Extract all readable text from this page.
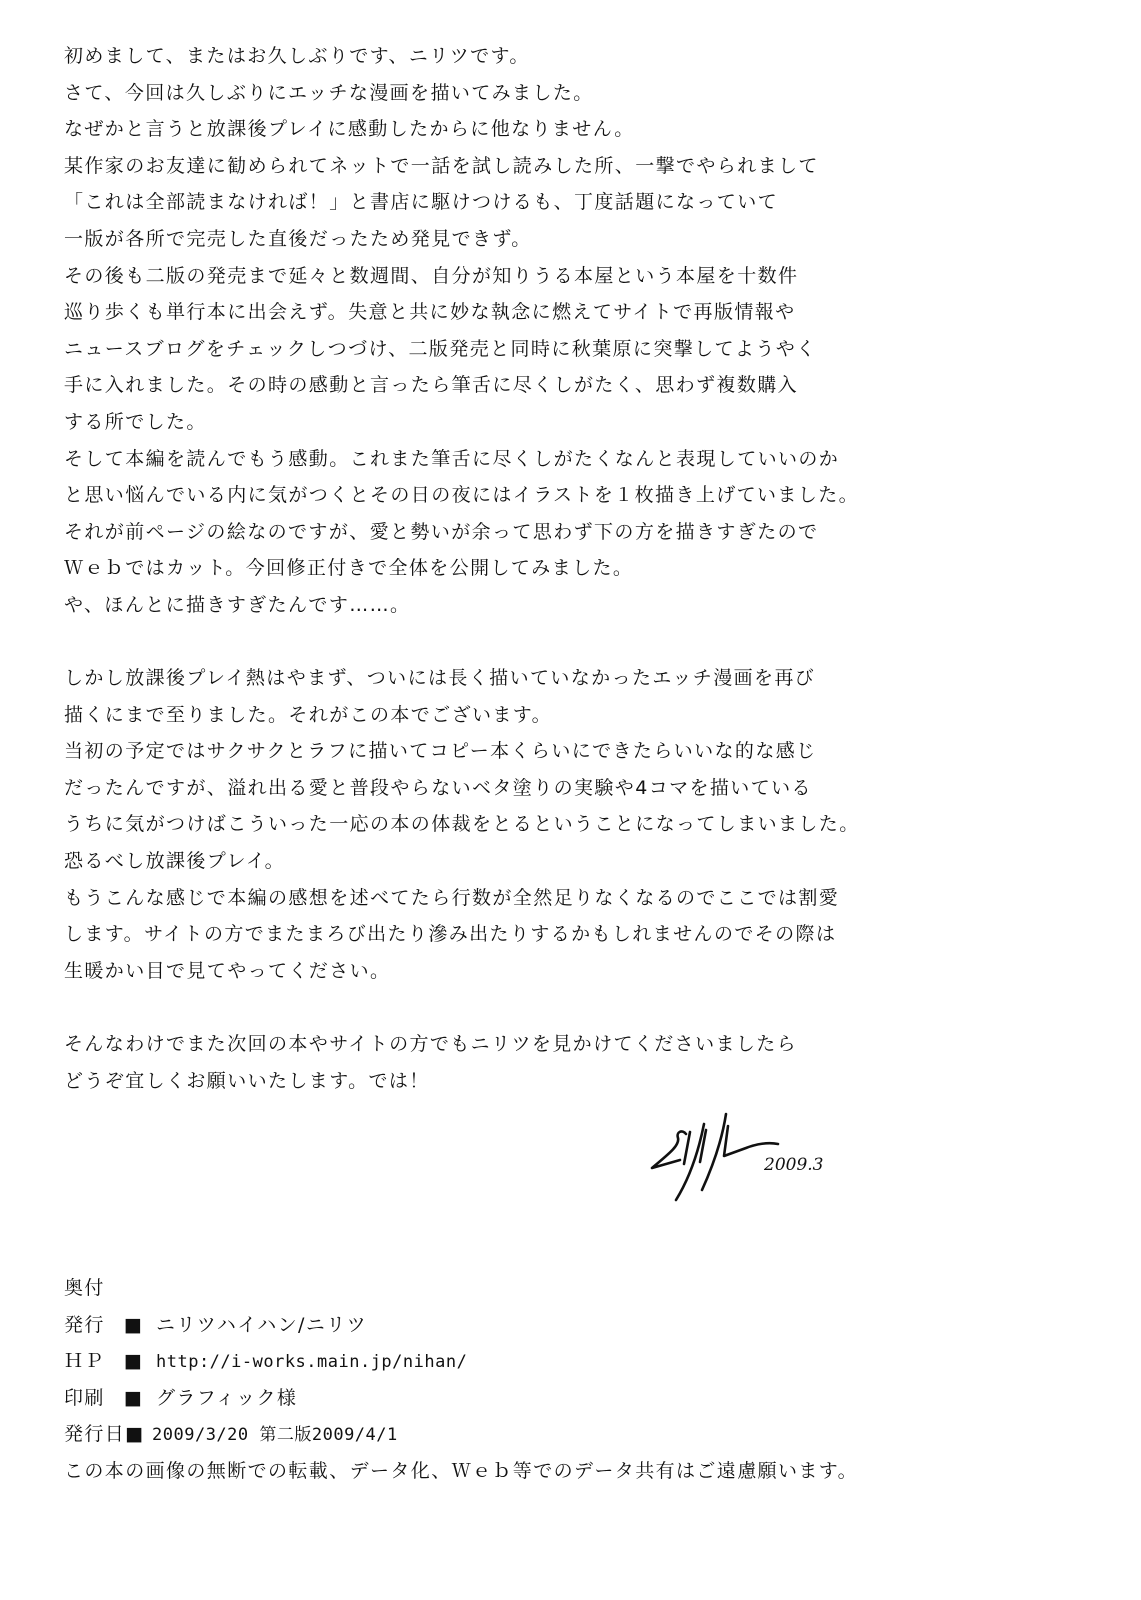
初めまして、またはお久しぶりです、ニリツです。
さて、今回は久しぶりにエッチな漫画を描いてみました。
なぜかと言うと放課後プレイに感動したからに他なりません。
某作家のお友達に勧められてネットで一話を試し読みした所、一撃でやられまして
「これは全部読まなければ！」と書店に駆けつけるも、丁度話題になっていて
一版が各所で完売した直後だったため発見できず。
その後も二版の発売まで延々と数週間、自分が知りうる本屋という本屋を十数件
巡り歩くも単行本に出会えず。失意と共に妙な執念に燃えてサイトで再版情報や
ニュースブログをチェックしつづけ、二版発売と同時に秋葉原に突撃してようやく
手に入れました。その時の感動と言ったら筆舌に尽くしがたく、思わず複数購入
する所でした。
そして本編を読んでもう感動。これまた筆舌に尽くしがたくなんと表現していいのか
と思い悩んでいる内に気がつくとその日の夜にはイラストを１枚描き上げていました。
それが前ページの絵なのですが、愛と勢いが余って思わず下の方を描きすぎたので
Ｗｅｂではカット。今回修正付きで全体を公開してみました。
や、ほんとに描きすぎたんです……。
しかし放課後プレイ熱はやまず、ついには長く描いていなかったエッチ漫画を再び
描くにまで至りました。それがこの本でございます。
当初の予定ではサクサクとラフに描いてコピー本くらいにできたらいいな的な感じ
だったんですが、溢れ出る愛と普段やらないベタ塗りの実験や4コマを描いている
うちに気がつけばこういった一応の本の体裁をとるということになってしまいました。
恐るべし放課後プレイ。
もうこんな感じで本編の感想を述べてたら行数が全然足りなくなるのでここでは割愛
します。サイトの方でまたまろび出たり滲み出たりするかもしれませんのでその際は
生暖かい目で見てやってください。
そんなわけでまた次回の本やサイトの方でもニリツを見かけてくださいましたら
どうぞ宜しくお願いいたします。では！
2009.3
奥付
発行 ■ ニリツハイハン/ニリツ
ＨＰ ■ http://i-works.main.jp/nihan/
印刷 ■ グラフィック様
発行日■ 2009/3/20 第二版2009/4/1
この本の画像の無断での転載、データ化、Ｗｅｂ等でのデータ共有はご遠慮願います。
